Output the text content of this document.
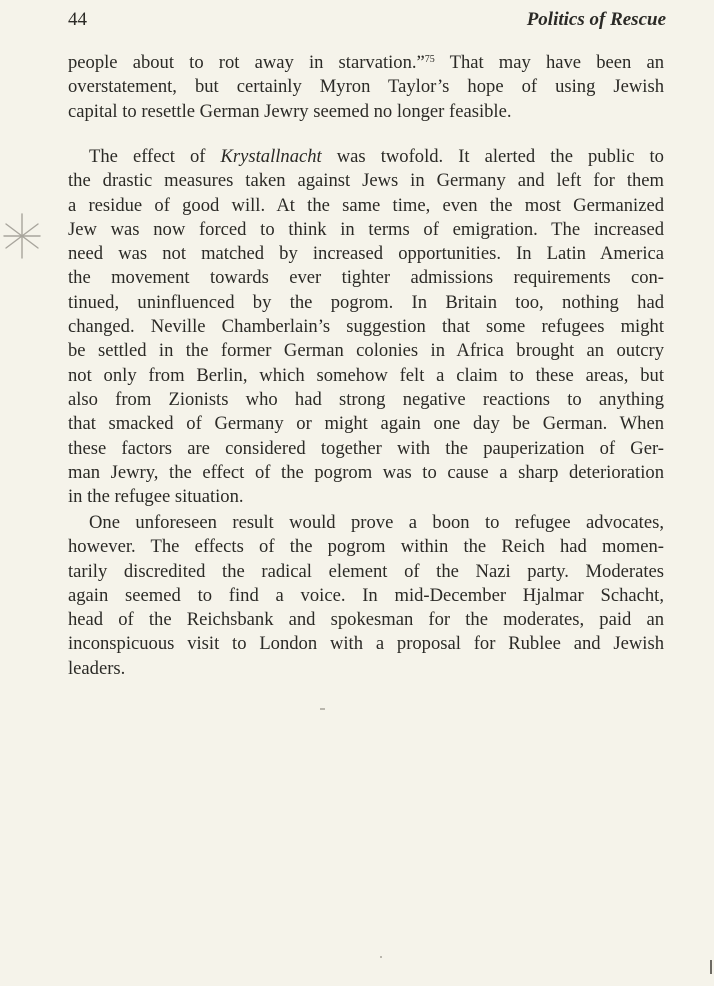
44	Politics of Rescue
people about to rot away in starvation.”$^{75}$ That may have been an
overstatement, but certainly Myron Taylor’s hope of using Jewish
capital to resettle German Jewry seemed no longer feasible.
The effect of Krystallnacht was twofold. It alerted the public to
the drastic measures taken against Jews in Germany and left for them
a residue of good will. At the same time, even the most Germanized
Jew was now forced to think in terms of emigration. The increased
need was not matched by increased opportunities. In Latin America
the movement towards ever tighter admissions requirements con-
tinued, uninfluenced by the pogrom. In Britain too, nothing had
changed. Neville Chamberlain’s suggestion that some refugees might
be settled in the former German colonies in Africa brought an outcry
not only from Berlin, which somehow felt a claim to these areas, but
also from Zionists who had strong negative reactions to anything
that smacked of Germany or might again one day be German. When
these factors are considered together with the pauperization of Ger-
man Jewry, the effect of the pogrom was to cause a sharp deterioration
in the refugee situation.
One unforeseen result would prove a boon to refugee advocates,
however. The effects of the pogrom within the Reich had momen-
tarily discredited the radical element of the Nazi party. Moderates
again seemed to find a voice. In mid-December Hjalmar Schacht,
head of the Reichsbank and spokesman for the moderates, paid an
inconspicuous visit to London with a proposal for Rublee and Jewish
leaders.
